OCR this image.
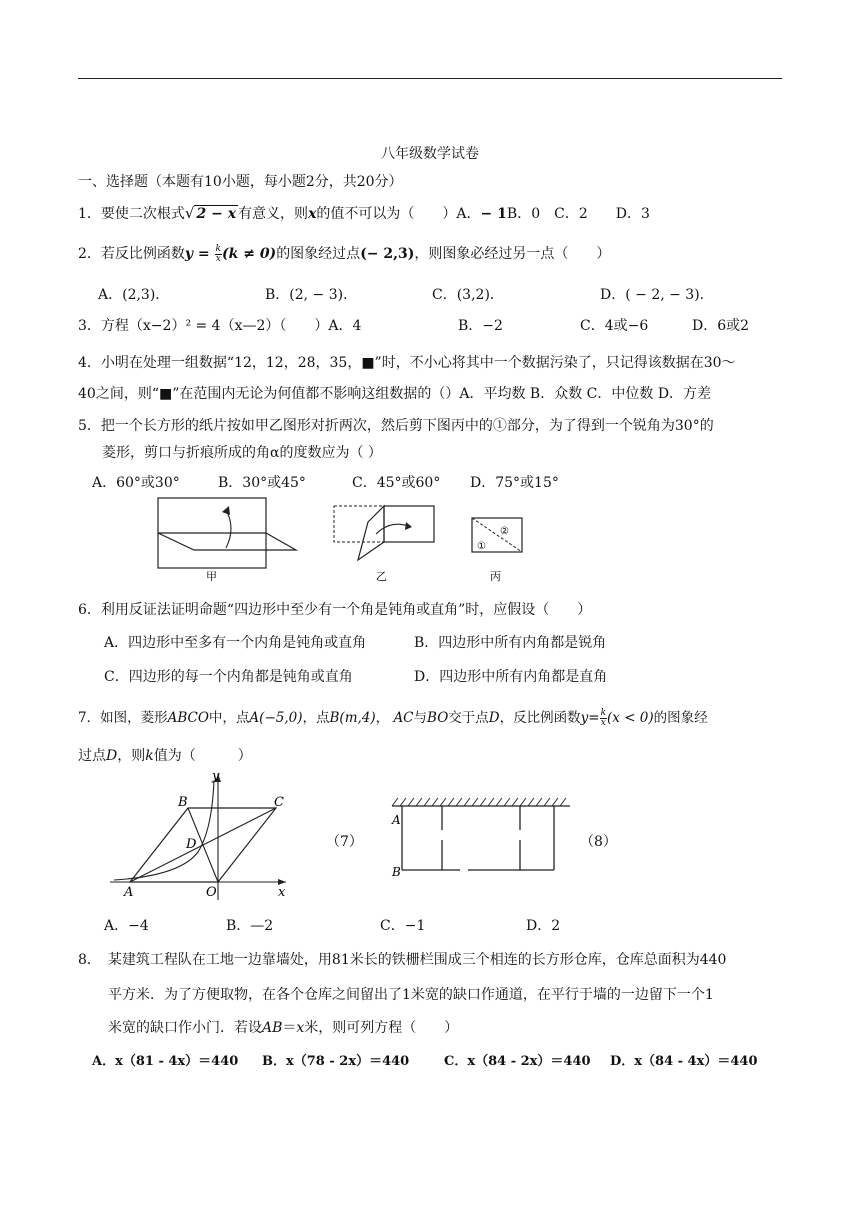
八年级数学试卷
一、选择题（本题有10小题，每小题2分，共20分）
1．要使二次根式√ 2 − x 有意义，则x的值不可以为（　　）A．− 1B．0　 C．2　　 D．3
2．若反比例函数$y = \frac{k}{x} (k \ne 0)$的图象经过点(− 2,3)，则图象必经过另一点（　　）
A．(2,3)．	B．(2, − 3)．	C．(3,2)．	D．( − 2, − 3)．
3．方程（x−2）² = 4（x—2）（　　）A．4	B．−2	C．4或−6	D．6或2
4．小明在处理一组数据“12，12，28，35，■”时，不小心将其中一个数据污染了，只记得该数据在30～
40之间，则“■”在范围内无论为何值都不影响这组数据的（）A．平均数 B．众数 C．中位数 D．方差
5．把一个长方形的纸片按如甲乙图形对折两次，然后剪下图丙中的①部分，为了得到一个锐角为30°的
菱形，剪口与折痕所成的角α的度数应为（ ）
A．60°或30°	B．30°或45°	C．45°或60° D．75°或15°
甲	乙
②
①
丙
6．利用反证法证明命题“四边形中至少有一个角是钝角或直角”时，应假设（　　）
A．四边形中至多有一个内角是钝角或直角	B．四边形中所有内角都是锐角
C．四边形的每一个内角都是钝角或直角	D．四边形中所有内角都是直角
7．如图，菱形ABCO中，点A(−5,0)，点B(m,4)， AC与BO交于点D，反比例函数$y= \frac{k}{x} (x < 0)$的图象经
过点D，则k值为（　　　）
y
x
B	C
D
A	O
（7）	（8）
A
B
A．−4	B．—2	C．−1	D．2
8．　某建筑工程队在工地一边靠墙处，用81米长的铁栅栏围成三个相连的长方形仓库，仓库总面积为440
平方米．为了方便取物，在各个仓库之间留出了1米宽的缺口作通道，在平行于墙的一边留下一个1
米宽的缺口作小门．若设AB＝x米，则可列方程（　　）
A．x（81 - 4x）＝440 B．x（78 - 2x）＝440	C．x（84 - 2x）＝440 D．x（84 - 4x）＝440
